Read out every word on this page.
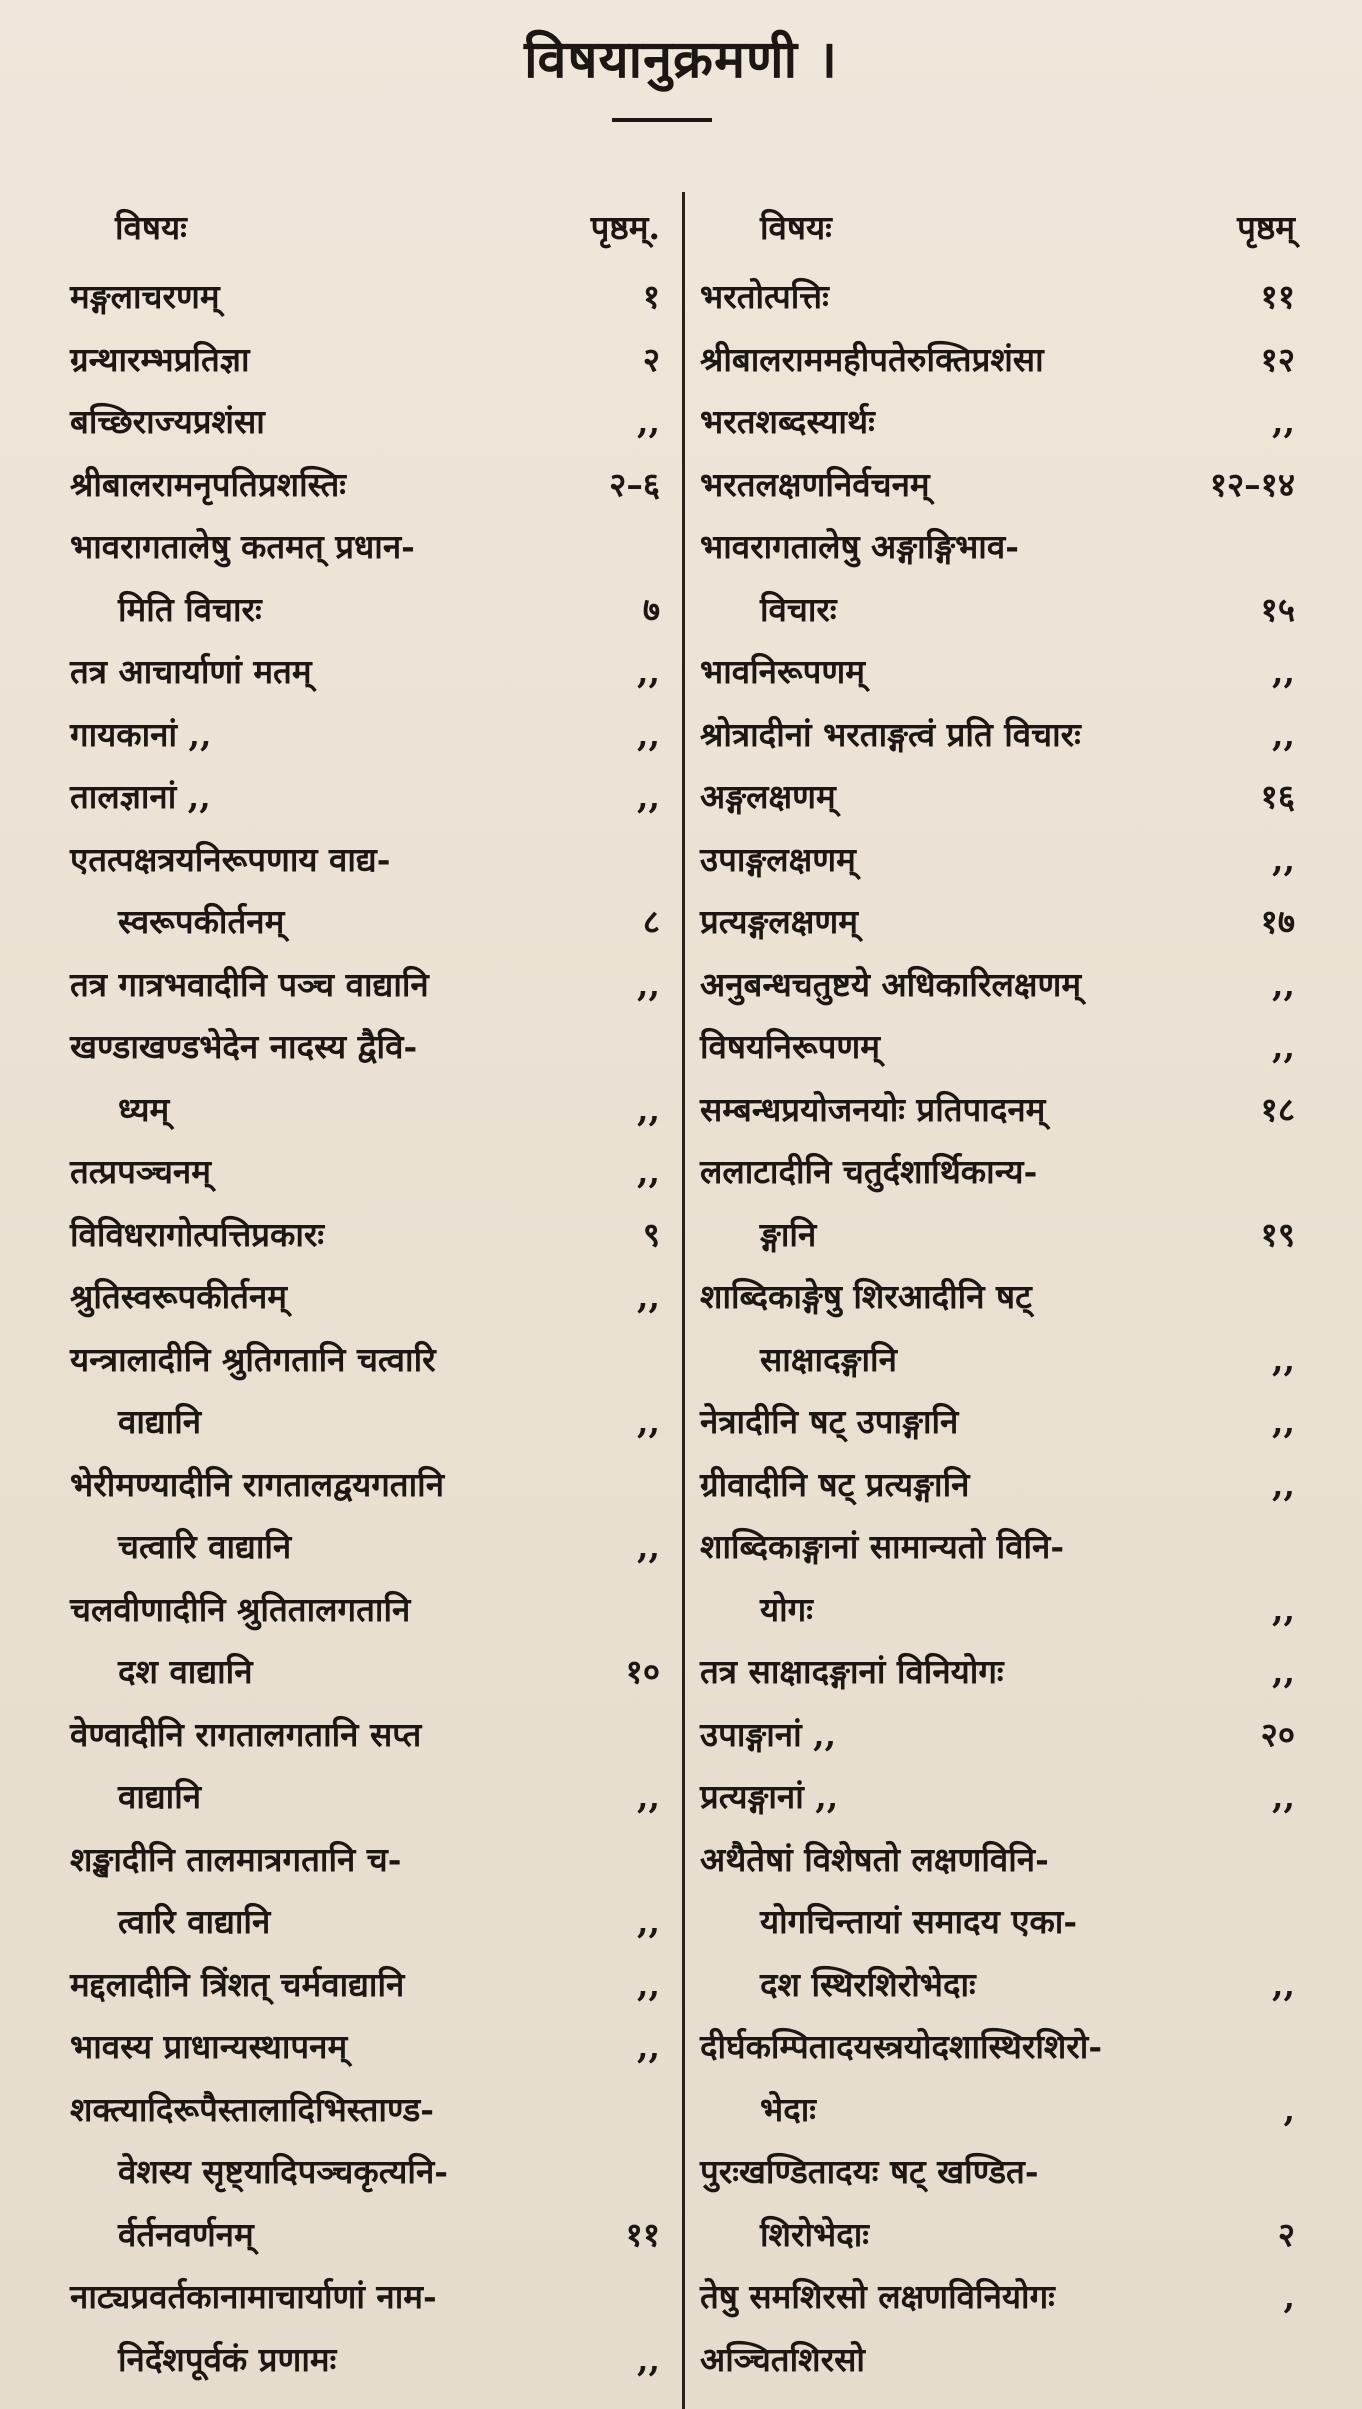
विषयानुक्रमणी ।
विषयः	पृष्ठम्.
मङ्गलाचरणम्	१
ग्रन्थारम्भप्रतिज्ञा	२
बच्छिराज्यप्रशंसा	,,
श्रीबालरामनृपतिप्रशस्तिः	२–६
भावरागतालेषु कतमत् प्रधान-
मिति विचारः	७
तत्र आचार्याणां मतम्	,,
गायकानां ,,	,,
तालज्ञानां ,,	,,
एतत्पक्षत्रयनिरूपणाय वाद्य-
स्वरूपकीर्तनम्	८
तत्र गात्रभवादीनि पञ्च वाद्यानि	,,
खण्डाखण्डभेदेन नादस्य द्वैवि-
ध्यम्	,,
तत्प्रपञ्चनम्	,,
विविधरागोत्पत्तिप्रकारः	९
श्रुतिस्वरूपकीर्तनम्	,,
यन्त्रालादीनि श्रुतिगतानि चत्वारि
वाद्यानि	,,
भेरीमण्यादीनि रागतालद्वयगतानि
चत्वारि वाद्यानि	,,
चलवीणादीनि श्रुतितालगतानि
दश वाद्यानि	१०
वेण्वादीनि रागतालगतानि सप्त
वाद्यानि	,,
शङ्खादीनि तालमात्रगतानि च-
त्वारि वाद्यानि	,,
मद्दलादीनि त्रिंशत् चर्मवाद्यानि	,,
भावस्य प्राधान्यस्थापनम्	,,
शक्त्यादिरूपैस्तालादिभिस्ताण्ड-
वेशस्य सृष्ट्यादिपञ्चकृत्यनि-
र्वर्तनवर्णनम्	११
नाट्यप्रवर्तकानामाचार्याणां नाम-
निर्देशपूर्वकं प्रणामः	,,
विषयः	पृष्ठम्
भरतोत्पत्तिः	११
श्रीबालराममहीपतेरुक्तिप्रशंसा	१२
भरतशब्दस्यार्थः	,,
भरतलक्षणनिर्वचनम्	१२–१४
भावरागतालेषु अङ्गाङ्गिभाव-
विचारः	१५
भावनिरूपणम्	,,
श्रोत्रादीनां भरताङ्गत्वं प्रति विचारः	,,
अङ्गलक्षणम्	१६
उपाङ्गलक्षणम्	,,
प्रत्यङ्गलक्षणम्	१७
अनुबन्धचतुष्टये अधिकारिलक्षणम्	,,
विषयनिरूपणम्	,,
सम्बन्धप्रयोजनयोः प्रतिपादनम्	१८
ललाटादीनि चतुर्दशार्थिकान्य-
ङ्गानि	१९
शाब्दिकाङ्गेषु शिरआदीनि षट्
साक्षादङ्गानि	,,
नेत्रादीनि षट् उपाङ्गानि	,,
ग्रीवादीनि षट् प्रत्यङ्गानि	,,
शाब्दिकाङ्गानां सामान्यतो विनि-
योगः	,,
तत्र साक्षादङ्गानां विनियोगः	,,
उपाङ्गानां ,,	२०
प्रत्यङ्गानां ,,	,,
अथैतेषां विशेषतो लक्षणविनि-
योगचिन्तायां समादय एका-
दश स्थिरशिरोभेदाः	,,
दीर्घकम्पितादयस्त्रयोदशास्थिरशिरो-
भेदाः	,
पुरःखण्डितादयः षट् खण्डित-
शिरोभेदाः	२
तेषु समशिरसो लक्षणविनियोगः	,
अञ्चितशिरसो
